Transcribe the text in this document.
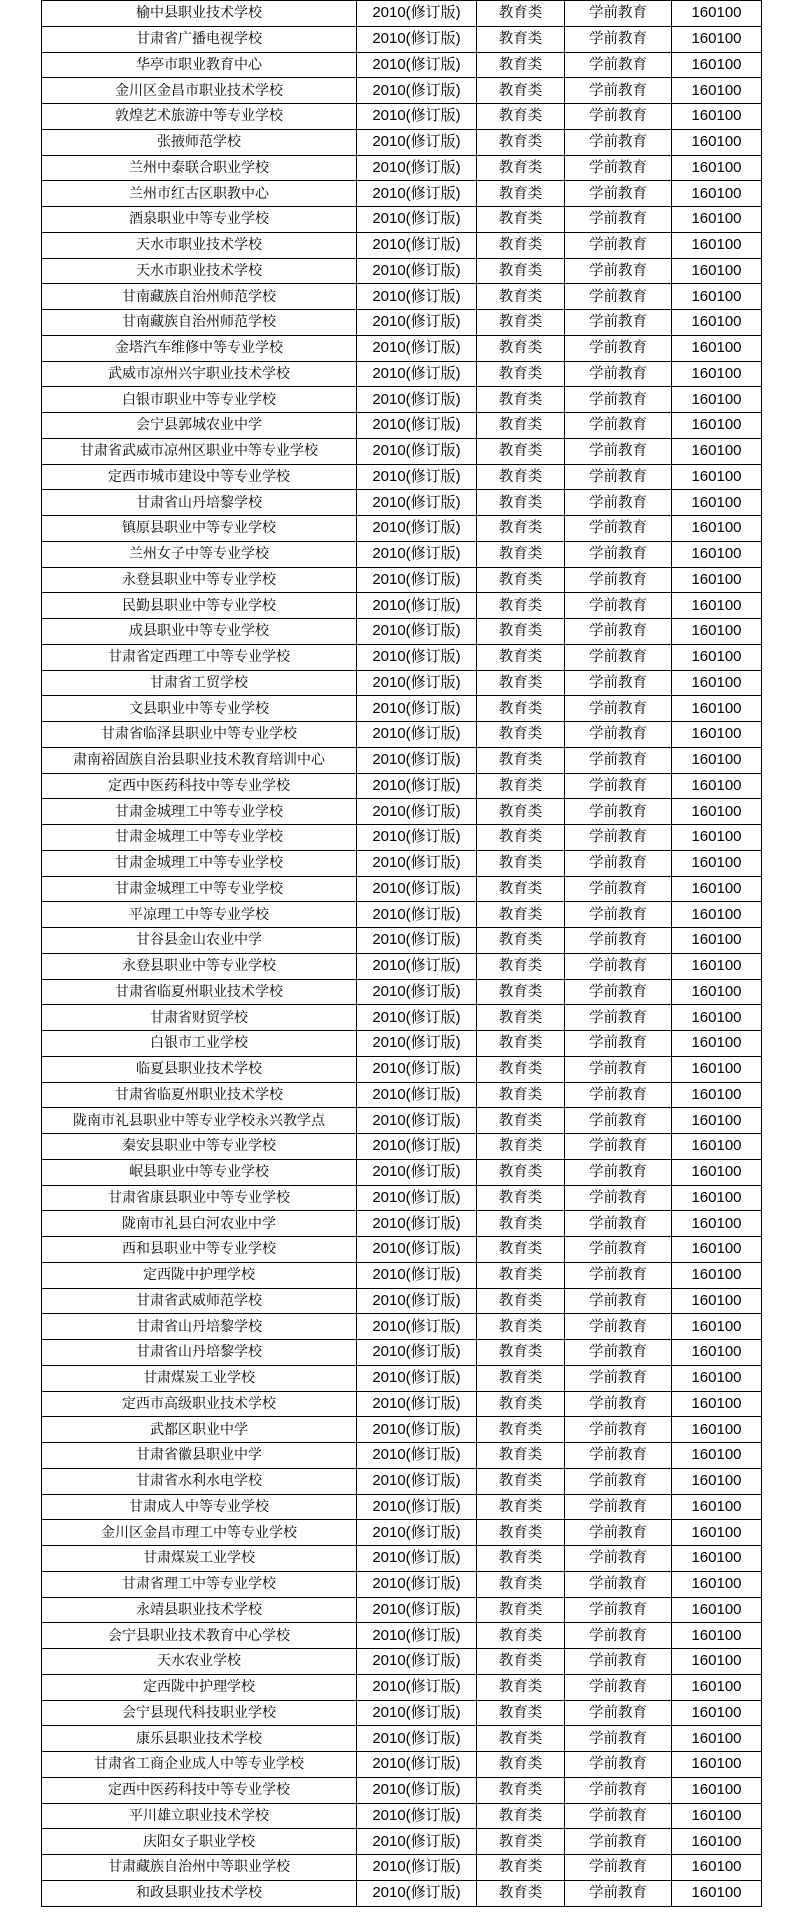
榆中县职业技术学校	2010(修订版)	教育类	学前教育	160100
甘肃省广播电视学校	2010(修订版)	教育类	学前教育	160100
华亭市职业教育中心	2010(修订版)	教育类	学前教育	160100
金川区金昌市职业技术学校	2010(修订版)	教育类	学前教育	160100
敦煌艺术旅游中等专业学校	2010(修订版)	教育类	学前教育	160100
张掖师范学校	2010(修订版)	教育类	学前教育	160100
兰州中泰联合职业学校	2010(修订版)	教育类	学前教育	160100
兰州市红古区职教中心	2010(修订版)	教育类	学前教育	160100
酒泉职业中等专业学校	2010(修订版)	教育类	学前教育	160100
天水市职业技术学校	2010(修订版)	教育类	学前教育	160100
天水市职业技术学校	2010(修订版)	教育类	学前教育	160100
甘南藏族自治州师范学校	2010(修订版)	教育类	学前教育	160100
甘南藏族自治州师范学校	2010(修订版)	教育类	学前教育	160100
金塔汽车维修中等专业学校	2010(修订版)	教育类	学前教育	160100
武威市凉州兴宇职业技术学校	2010(修订版)	教育类	学前教育	160100
白银市职业中等专业学校	2010(修订版)	教育类	学前教育	160100
会宁县郭城农业中学	2010(修订版)	教育类	学前教育	160100
甘肃省武威市凉州区职业中等专业学校	2010(修订版)	教育类	学前教育	160100
定西市城市建设中等专业学校	2010(修订版)	教育类	学前教育	160100
甘肃省山丹培黎学校	2010(修订版)	教育类	学前教育	160100
镇原县职业中等专业学校	2010(修订版)	教育类	学前教育	160100
兰州女子中等专业学校	2010(修订版)	教育类	学前教育	160100
永登县职业中等专业学校	2010(修订版)	教育类	学前教育	160100
民勤县职业中等专业学校	2010(修订版)	教育类	学前教育	160100
成县职业中等专业学校	2010(修订版)	教育类	学前教育	160100
甘肃省定西理工中等专业学校	2010(修订版)	教育类	学前教育	160100
甘肃省工贸学校	2010(修订版)	教育类	学前教育	160100
文县职业中等专业学校	2010(修订版)	教育类	学前教育	160100
甘肃省临泽县职业中等专业学校	2010(修订版)	教育类	学前教育	160100
肃南裕固族自治县职业技术教育培训中心	2010(修订版)	教育类	学前教育	160100
定西中医药科技中等专业学校	2010(修订版)	教育类	学前教育	160100
甘肃金城理工中等专业学校	2010(修订版)	教育类	学前教育	160100
甘肃金城理工中等专业学校	2010(修订版)	教育类	学前教育	160100
甘肃金城理工中等专业学校	2010(修订版)	教育类	学前教育	160100
甘肃金城理工中等专业学校	2010(修订版)	教育类	学前教育	160100
平凉理工中等专业学校	2010(修订版)	教育类	学前教育	160100
甘谷县金山农业中学	2010(修订版)	教育类	学前教育	160100
永登县职业中等专业学校	2010(修订版)	教育类	学前教育	160100
甘肃省临夏州职业技术学校	2010(修订版)	教育类	学前教育	160100
甘肃省财贸学校	2010(修订版)	教育类	学前教育	160100
白银市工业学校	2010(修订版)	教育类	学前教育	160100
临夏县职业技术学校	2010(修订版)	教育类	学前教育	160100
甘肃省临夏州职业技术学校	2010(修订版)	教育类	学前教育	160100
陇南市礼县职业中等专业学校永兴教学点	2010(修订版)	教育类	学前教育	160100
秦安县职业中等专业学校	2010(修订版)	教育类	学前教育	160100
岷县职业中等专业学校	2010(修订版)	教育类	学前教育	160100
甘肃省康县职业中等专业学校	2010(修订版)	教育类	学前教育	160100
陇南市礼县白河农业中学	2010(修订版)	教育类	学前教育	160100
西和县职业中等专业学校	2010(修订版)	教育类	学前教育	160100
定西陇中护理学校	2010(修订版)	教育类	学前教育	160100
甘肃省武威师范学校	2010(修订版)	教育类	学前教育	160100
甘肃省山丹培黎学校	2010(修订版)	教育类	学前教育	160100
甘肃省山丹培黎学校	2010(修订版)	教育类	学前教育	160100
甘肃煤炭工业学校	2010(修订版)	教育类	学前教育	160100
定西市高级职业技术学校	2010(修订版)	教育类	学前教育	160100
武都区职业中学	2010(修订版)	教育类	学前教育	160100
甘肃省徽县职业中学	2010(修订版)	教育类	学前教育	160100
甘肃省水利水电学校	2010(修订版)	教育类	学前教育	160100
甘肃成人中等专业学校	2010(修订版)	教育类	学前教育	160100
金川区金昌市理工中等专业学校	2010(修订版)	教育类	学前教育	160100
甘肃煤炭工业学校	2010(修订版)	教育类	学前教育	160100
甘肃省理工中等专业学校	2010(修订版)	教育类	学前教育	160100
永靖县职业技术学校	2010(修订版)	教育类	学前教育	160100
会宁县职业技术教育中心学校	2010(修订版)	教育类	学前教育	160100
天水农业学校	2010(修订版)	教育类	学前教育	160100
定西陇中护理学校	2010(修订版)	教育类	学前教育	160100
会宁县现代科技职业学校	2010(修订版)	教育类	学前教育	160100
康乐县职业技术学校	2010(修订版)	教育类	学前教育	160100
甘肃省工商企业成人中等专业学校	2010(修订版)	教育类	学前教育	160100
定西中医药科技中等专业学校	2010(修订版)	教育类	学前教育	160100
平川雄立职业技术学校	2010(修订版)	教育类	学前教育	160100
庆阳女子职业学校	2010(修订版)	教育类	学前教育	160100
甘肃藏族自治州中等职业学校	2010(修订版)	教育类	学前教育	160100
和政县职业技术学校	2010(修订版)	教育类	学前教育	160100
